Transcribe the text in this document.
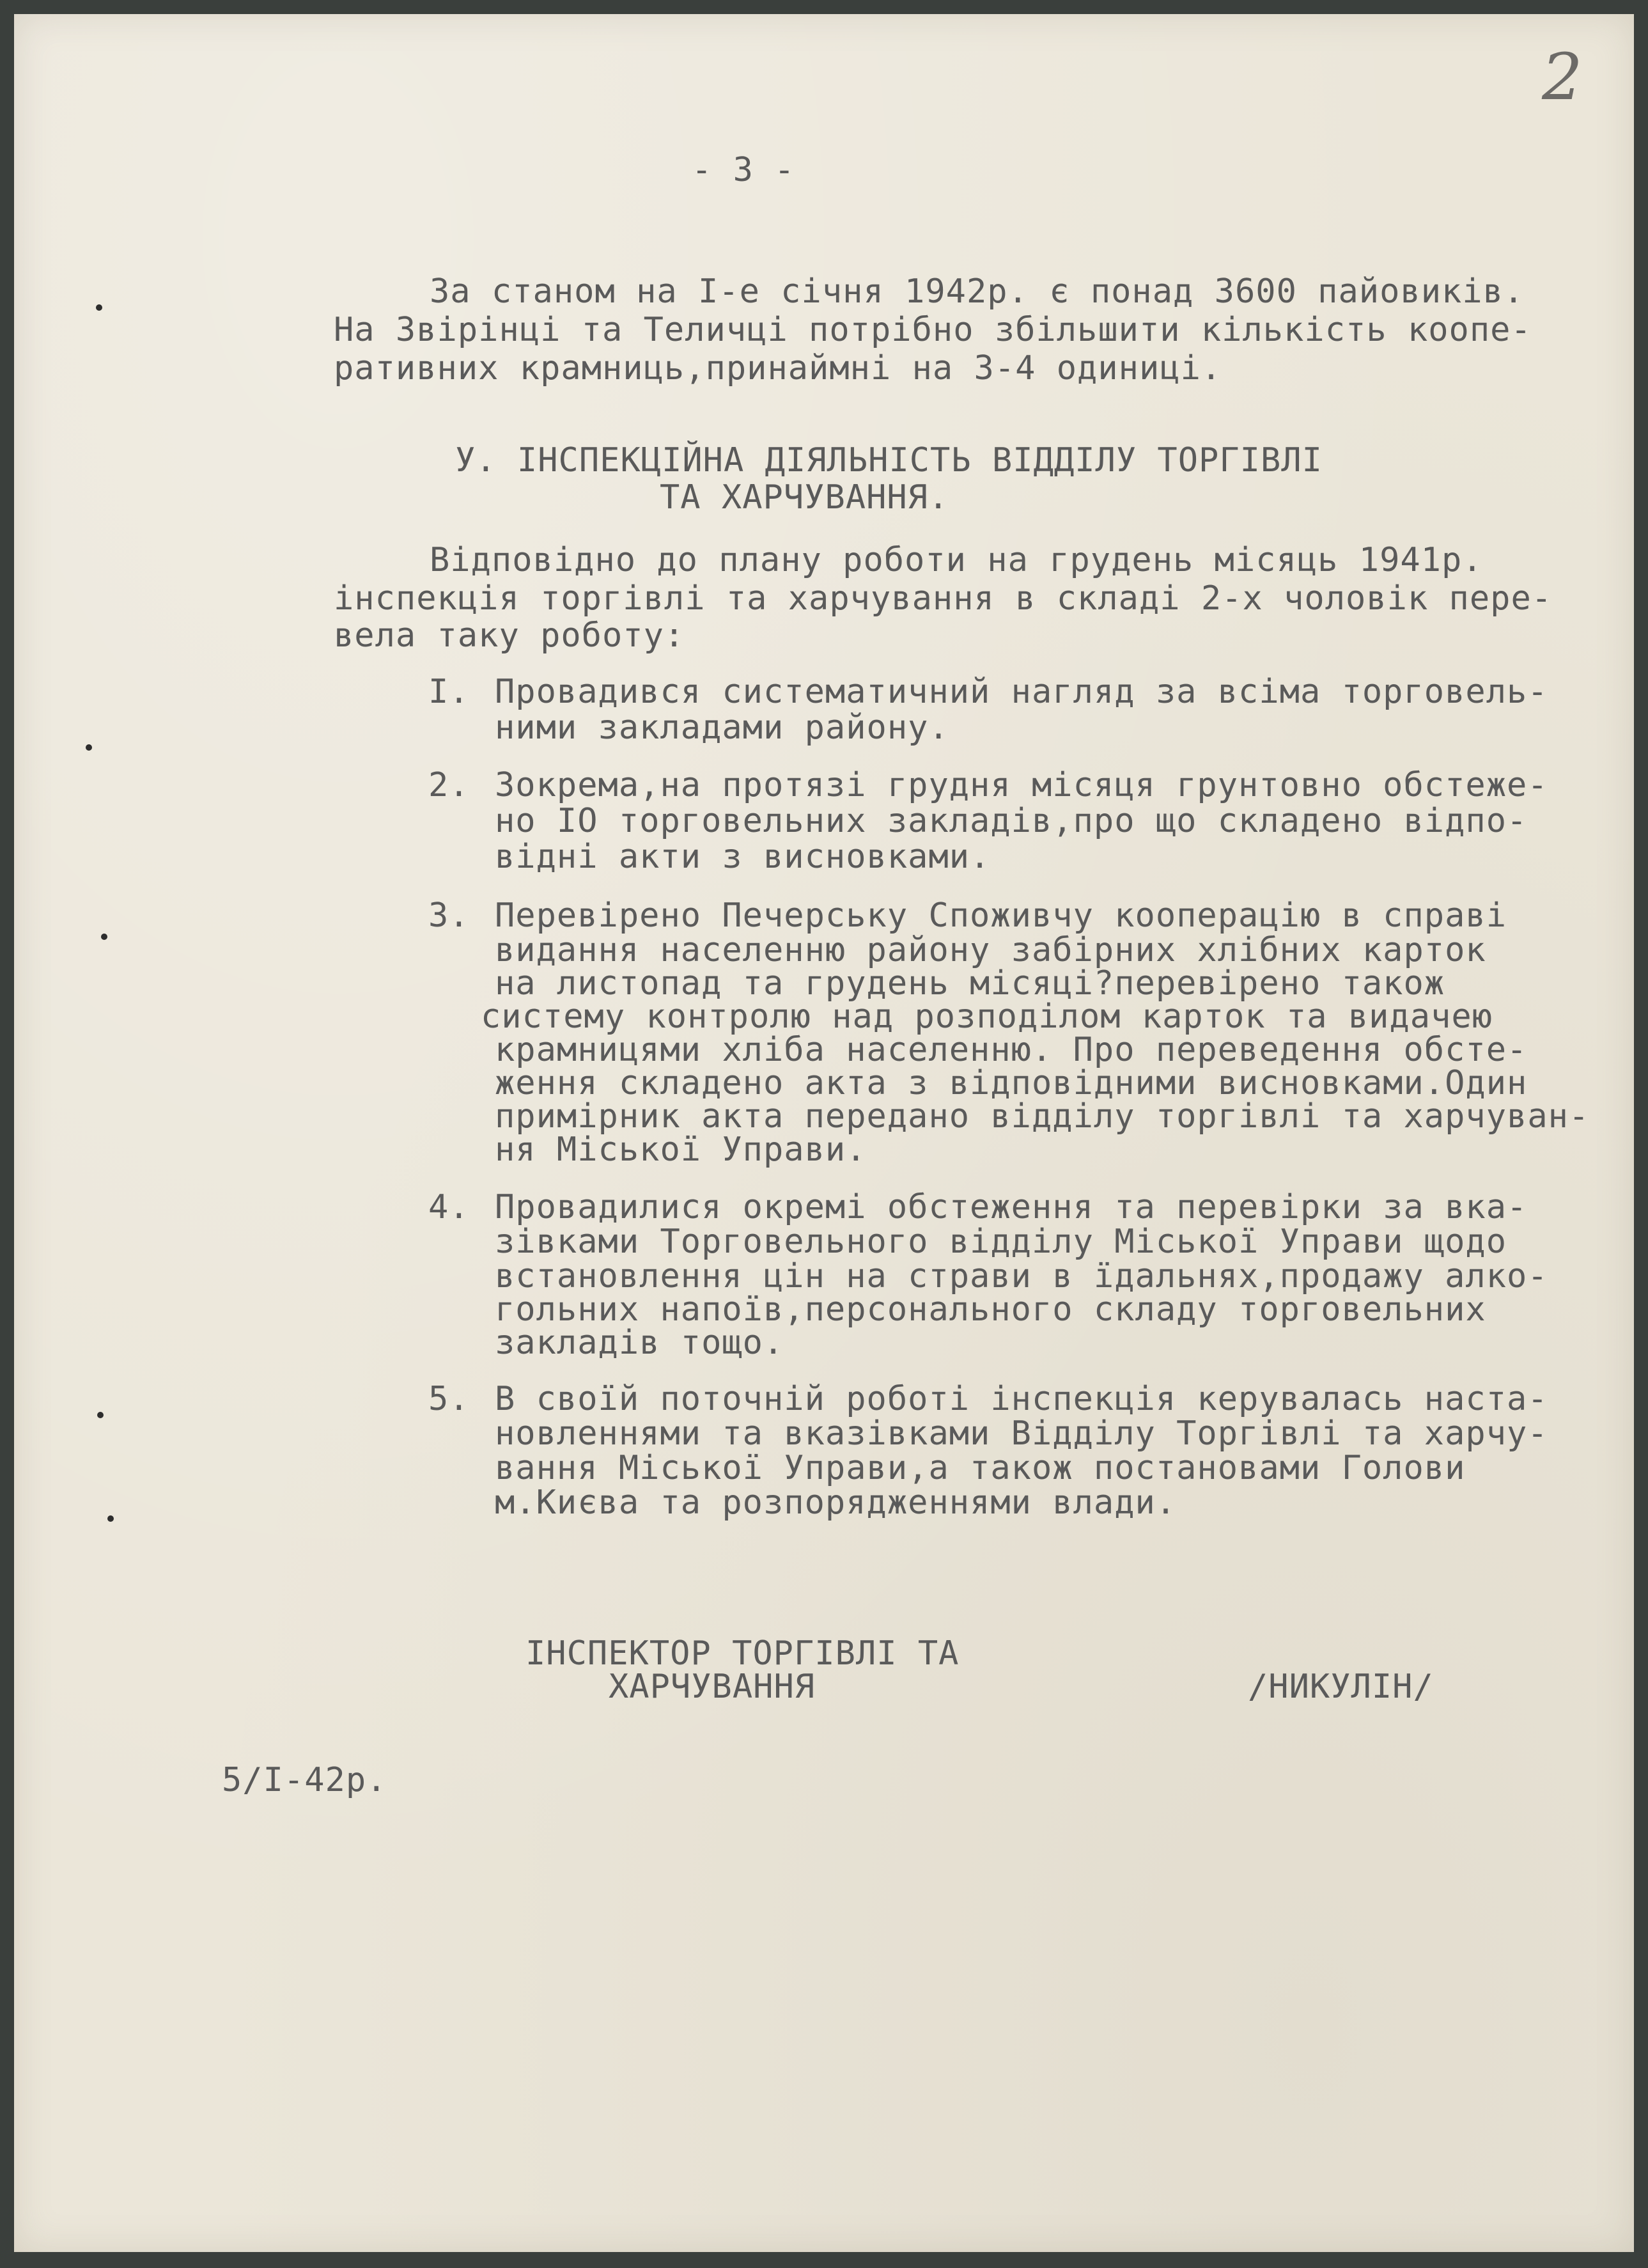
2

- 3 -

За станом на І-е січня 1942р. є понад 3600 пайовиків.

На Звірінці та Теличці потрібно збільшити кількість коопе-

ративних крамниць,принаймні на 3-4 одиниці.

У. ІНСПЕКЦІЙНА ДІЯЛЬНІСТЬ ВІДДІЛУ ТОРГІВЛІ

ТА ХАРЧУВАННЯ.

Відповідно до плану роботи на грудень місяць 1941р.

інспекція торгівлі та харчування в складі 2-х чоловік пере-

вела таку роботу:

І. Провадився систематичний нагляд за всіма торговель-

ними закладами району.

2. Зокрема,на протязі грудня місяця грунтовно обстеже-

но ІО торговельних закладів,про що складено відпо-

відні акти з висновками.

3. Перевірено Печерську Споживчу кооперацію в справі

видання населенню району забірних хлібних карток

на листопад та грудень місяці?перевірено також

систему контролю над розподілом карток та видачею

крамницями хліба населенню. Про переведення обсте-

ження складено акта з відповідними висновками.Один

примірник акта передано відділу торгівлі та харчуван-

ня Міської Управи.

4. Провадилися окремі обстеження та перевірки за вка-

зівками Торговельного відділу Міської Управи щодо

встановлення цін на страви в їдальнях,продажу алко-

гольних напоїв,персонального складу торговельних

закладів тощо.

5. В своїй поточній роботі інспекція керувалась наста-

новленнями та вказівками Відділу Торгівлі та харчу-

вання Міської Управи,а також постановами Голови

м.Києва та розпорядженнями влади.

ІНСПЕКТОР ТОРГІВЛІ ТА

ХАРЧУВАННЯ	/НИКУЛІН/

5/І-42р.
